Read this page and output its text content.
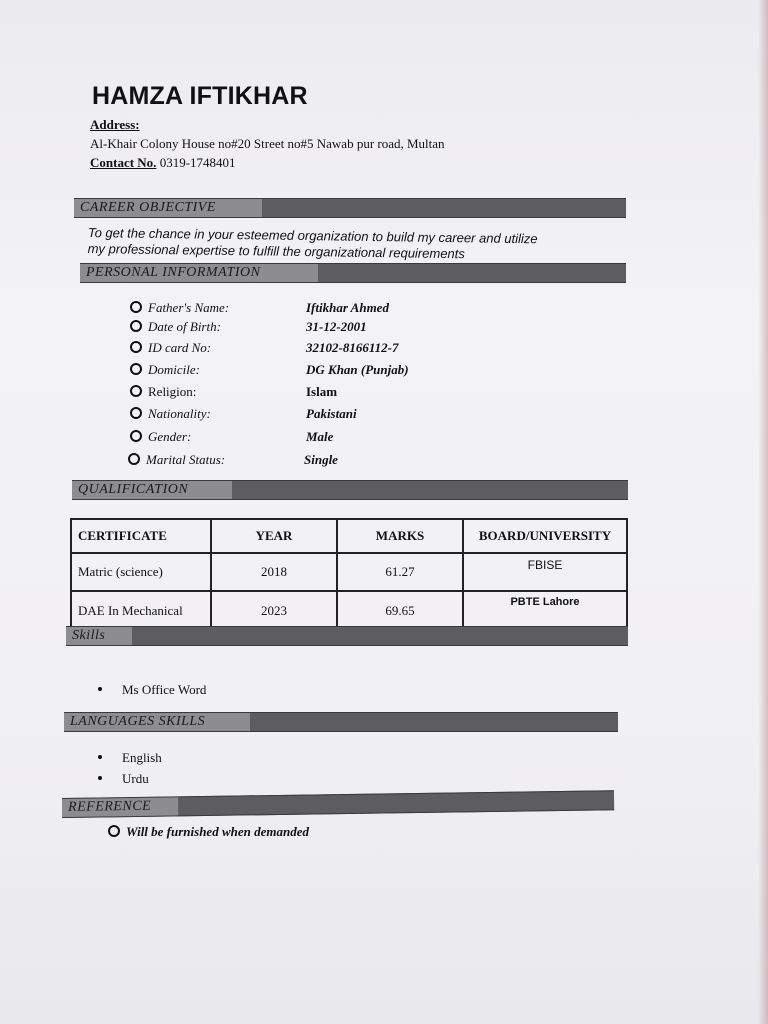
HAMZA IFTIKHAR
Address:
Al-Khair Colony House no#20 Street no#5 Nawab pur road, Multan
Contact No. 0319-1748401
CAREER OBJECTIVE
To get the chance in your esteemed organization to build my career and utilize
my professional expertise to fulfill the organizational requirements
PERSONAL INFORMATION
Father's Name:	Iftikhar Ahmed
Date of Birth:	31-12-2001
ID card No:	32102-8166112-7
Domicile:	DG Khan (Punjab)
Religion:	Islam
Nationality:	Pakistani
Gender:	Male
Marital Status:	Single
QUALIFICATION
CERTIFICATE	YEAR	MARKS	BOARD/UNIVERSITY
Matric (science)	2018	61.27	FBISE
DAE In Mechanical	2023	69.65	PBTE Lahore
Skills
Ms Office Word
LANGUAGES SKILLS
English
Urdu
REFERENCE
Will be furnished when demanded
